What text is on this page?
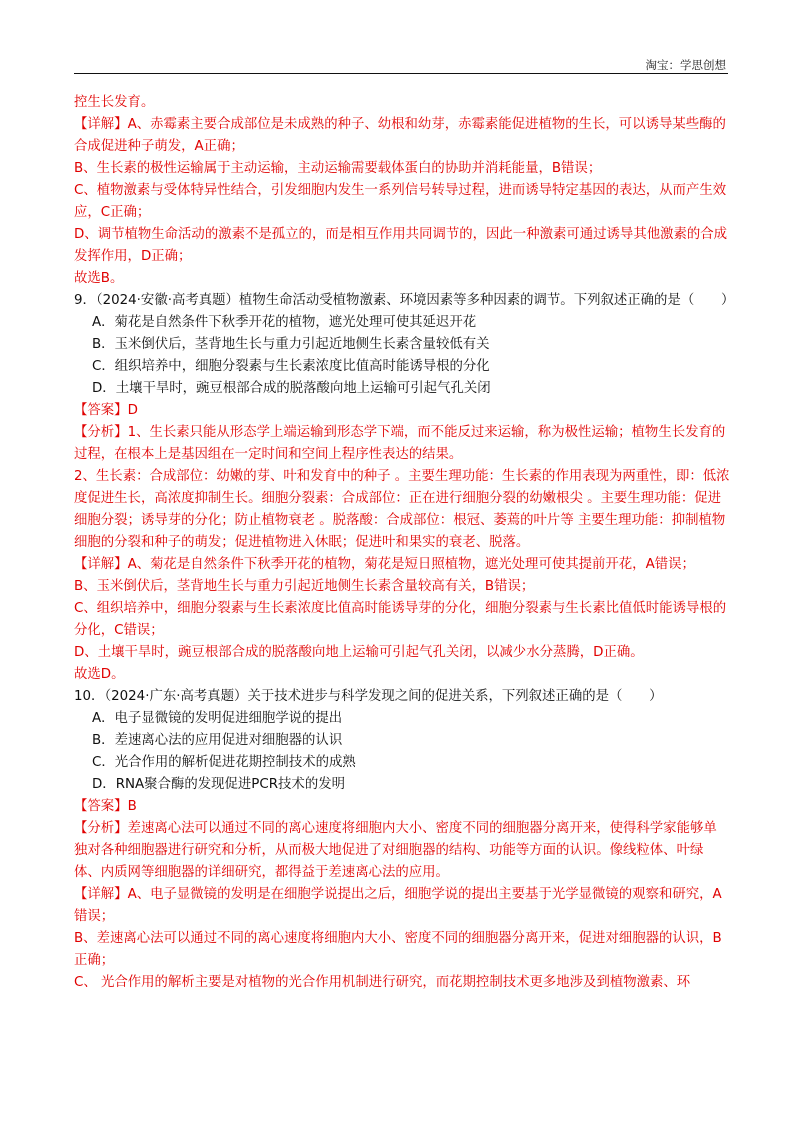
淘宝：学思创想

控生长发育。

【详解】A、赤霉素主要合成部位是未成熟的种子、幼根和幼芽，赤霉素能促进植物的生长，可以诱导某些酶的合成促进种子萌发，A正确；

B、生长素的极性运输属于主动运输，主动运输需要载体蛋白的协助并消耗能量，B错误；

C、植物激素与受体特异性结合，引发细胞内发生一系列信号转导过程，进而诱导特定基因的表达，从而产生效应，C正确；

D、调节植物生命活动的激素不是孤立的，而是相互作用共同调节的，因此一种激素可通过诱导其他激素的合成发挥作用，D正确；

故选B。

9．（2024·安徽·高考真题）植物生命活动受植物激素、环境因素等多种因素的调节。下列叙述正确的是（　　）

A．菊花是自然条件下秋季开花的植物，遮光处理可使其延迟开花

B．玉米倒伏后，茎背地生长与重力引起近地侧生长素含量较低有关

C．组织培养中，细胞分裂素与生长素浓度比值高时能诱导根的分化

D．土壤干旱时，豌豆根部合成的脱落酸向地上运输可引起气孔关闭

【答案】D

【分析】1、生长素只能从形态学上端运输到形态学下端，而不能反过来运输，称为极性运输；植物生长发育的过程，在根本上是基因组在一定时间和空间上程序性表达的结果。

2、生长素：合成部位：幼嫩的芽、叶和发育中的种子 。主要生理功能：生长素的作用表现为两重性，即：低浓度促进生长，高浓度抑制生长。细胞分裂素：合成部位：正在进行细胞分裂的幼嫩根尖 。主要生理功能：促进细胞分裂；诱导芽的分化；防止植物衰老 。脱落酸：合成部位：根冠、萎蔫的叶片等 主要生理功能：抑制植物细胞的分裂和种子的萌发；促进植物进入休眠；促进叶和果实的衰老、脱落。

【详解】A、菊花是自然条件下秋季开花的植物，菊花是短日照植物，遮光处理可使其提前开花，A错误；

B、玉米倒伏后，茎背地生长与重力引起近地侧生长素含量较高有关，B错误；

C、组织培养中，细胞分裂素与生长素浓度比值高时能诱导芽的分化，细胞分裂素与生长素比值低时能诱导根的分化，C错误；

D、土壤干旱时，豌豆根部合成的脱落酸向地上运输可引起气孔关闭，以减少水分蒸腾，D正确。

故选D。

10．（2024·广东·高考真题）关于技术进步与科学发现之间的促进关系，下列叙述正确的是（　　）

A．电子显微镜的发明促进细胞学说的提出

B．差速离心法的应用促进对细胞器的认识

C．光合作用的解析促进花期控制技术的成熟

D．RNA聚合酶的发现促进PCR技术的发明

【答案】B

【分析】差速离心法可以通过不同的离心速度将细胞内大小、密度不同的细胞器分离开来，使得科学家能够单独对各种细胞器进行研究和分析，从而极大地促进了对细胞器的结构、功能等方面的认识。像线粒体、叶绿体、内质网等细胞器的详细研究，都得益于差速离心法的应用。

【详解】A、电子显微镜的发明是在细胞学说提出之后，细胞学说的提出主要基于光学显微镜的观察和研究，A 错误；

B、差速离心法可以通过不同的离心速度将细胞内大小、密度不同的细胞器分离开来，促进对细胞器的认识，B正确；

C、 光合作用的解析主要是对植物的光合作用机制进行研究，而花期控制技术更多地涉及到植物激素、环
